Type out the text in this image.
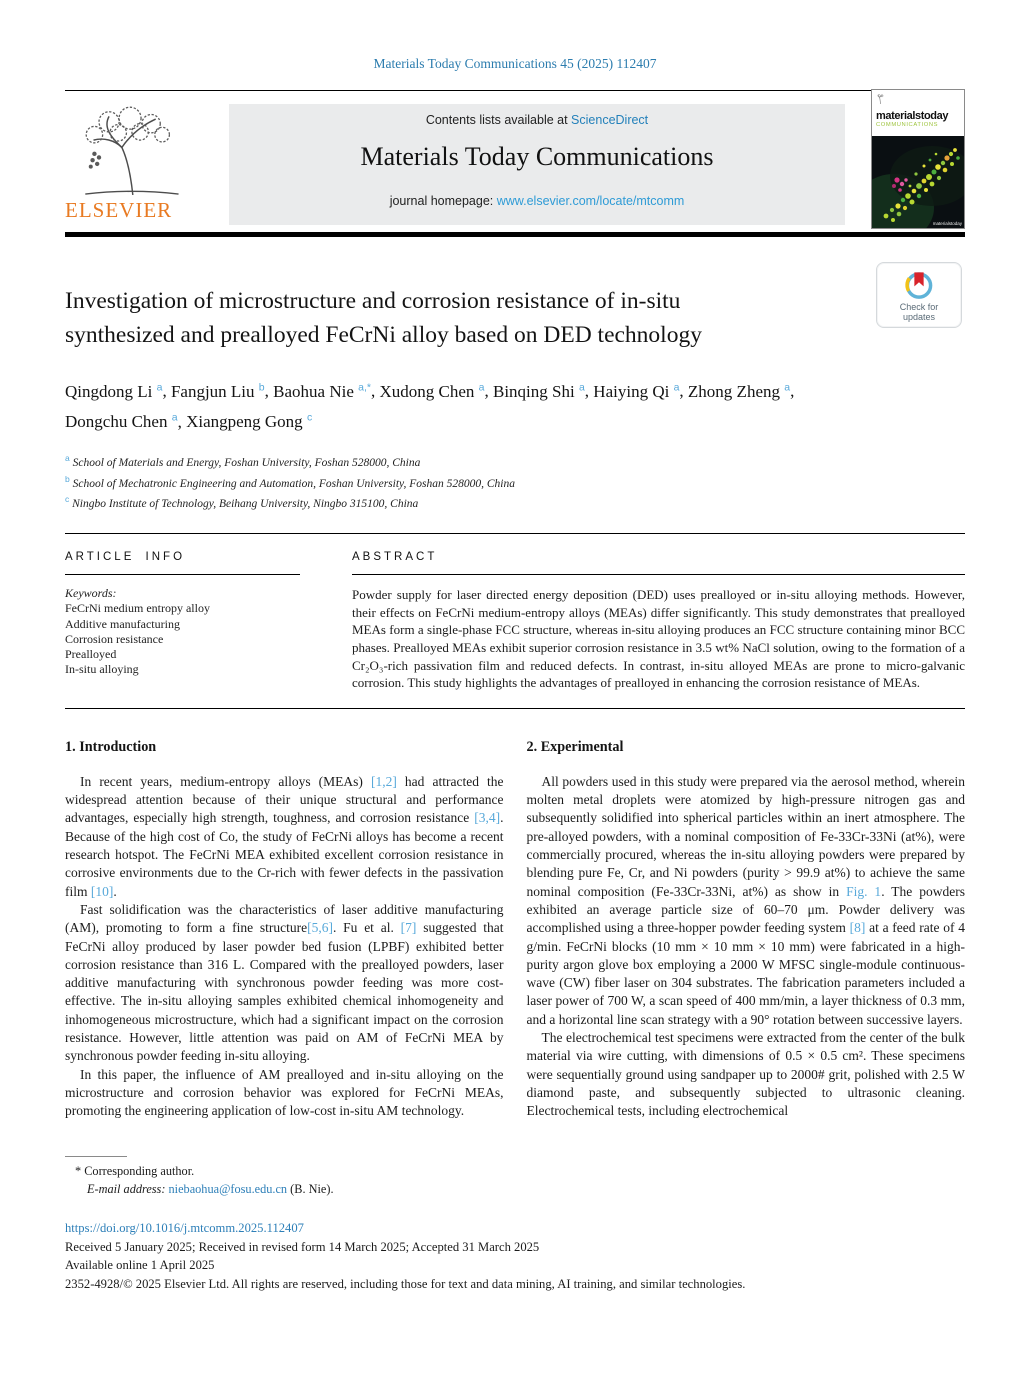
Materials Today Communications 45 (2025) 112407
ELSEVIER
Contents lists available at ScienceDirect
Materials Today Communications
journal homepage: www.elsevier.com/locate/mtcomm
materialstoday
COMMUNICATIONS
materialstoday
Investigation of microstructure and corrosion resistance of in-situ
synthesized and prealloyed FeCrNi alloy based on DED technology
Check for
updates
Qingdong Li $^a$, Fangjun Liu $^b$, Baohua Nie $^{a,*}$, Xudong Chen $^a$, Binqing Shi $^a$, Haiying Qi $^a$, Zhong Zheng $^a$, Dongchu Chen $^a$, Xiangpeng Gong $^c$
$^a$ School of Materials and Energy, Foshan University, Foshan 528000, China
$^b$ School of Mechatronic Engineering and Automation, Foshan University, Foshan 528000, China
$^c$ Ningbo Institute of Technology, Beihang University, Ningbo 315100, China
ARTICLE INFO
Keywords:
FeCrNi medium entropy alloy
Additive manufacturing
Corrosion resistance
Prealloyed
In-situ alloying
ABSTRACT
Powder supply for laser directed energy deposition (DED) uses prealloyed or in-situ alloying methods. However, their effects on FeCrNi medium-entropy alloys (MEAs) differ significantly. This study demonstrates that prealloyed MEAs form a single-phase FCC structure, whereas in-situ alloying produces an FCC structure containing minor BCC phases. Prealloyed MEAs exhibit superior corrosion resistance in 3.5 wt% NaCl solution, owing to the formation of a Cr₂O₃-rich passivation film and reduced defects. In contrast, in-situ alloyed MEAs are prone to micro-galvanic corrosion. This study highlights the advantages of prealloyed in enhancing the corrosion resistance of MEAs.
1. Introduction

In recent years, medium-entropy alloys (MEAs) [1,2] had attracted the widespread attention because of their unique structural and performance advantages, especially high strength, toughness, and corrosion resistance [3,4]. Because of the high cost of Co, the study of FeCrNi alloys has become a recent research hotspot. The FeCrNi MEA exhibited excellent corrosion resistance in corrosive environments due to the Cr-rich with fewer defects in the passivation film [10].

Fast solidification was the characteristics of laser additive manufacturing (AM), promoting to form a fine structure[5,6]. Fu et al. [7] suggested that FeCrNi alloy produced by laser powder bed fusion (LPBF) exhibited better corrosion resistance than 316 L. Compared with the prealloyed powders, laser additive manufacturing with synchronous powder feeding was more cost-effective. The in-situ alloying samples exhibited chemical inhomogeneity and inhomogeneous microstructure, which had a significant impact on the corrosion resistance. However, little attention was paid on AM of FeCrNi MEA by synchronous powder feeding in-situ alloying.

In this paper, the influence of AM prealloyed and in-situ alloying on the microstructure and corrosion behavior was explored for FeCrNi MEAs, promoting the engineering application of low-cost in-situ AM technology.

2. Experimental

All powders used in this study were prepared via the aerosol method, wherein molten metal droplets were atomized by high-pressure nitrogen gas and subsequently solidified into spherical particles within an inert atmosphere. The pre-alloyed powders, with a nominal composition of Fe-33Cr-33Ni (at%), were commercially procured, whereas the in-situ alloying powders were prepared by blending pure Fe, Cr, and Ni powders (purity > 99.9 at%) to achieve the same nominal composition (Fe-33Cr-33Ni, at%) as show in Fig. 1. The powders exhibited an average particle size of 60–70 μm. Powder delivery was accomplished using a three-hopper powder feeding system [8] at a feed rate of 4 g/min. FeCrNi blocks (10 mm × 10 mm × 10 mm) were fabricated in a high-purity argon glove box employing a 2000 W MFSC single-module continuous-wave (CW) fiber laser on 304 substrates. The fabrication parameters included a laser power of 700 W, a scan speed of 400 mm/min, a layer thickness of 0.3 mm, and a horizontal line scan strategy with a 90° rotation between successive layers.

The electrochemical test specimens were extracted from the center of the bulk material via wire cutting, with dimensions of 0.5 × 0.5 cm². These specimens were sequentially ground using sandpaper up to 2000# grit, polished with 2.5 W diamond paste, and subsequently subjected to ultrasonic cleaning. Electrochemical tests, including electrochemical

* Corresponding author.
E-mail address: niebaohua@fosu.edu.cn (B. Nie).
https://doi.org/10.1016/j.mtcomm.2025.112407
Received 5 January 2025; Received in revised form 14 March 2025; Accepted 31 March 2025
Available online 1 April 2025
2352-4928/© 2025 Elsevier Ltd. All rights are reserved, including those for text and data mining, AI training, and similar technologies.
